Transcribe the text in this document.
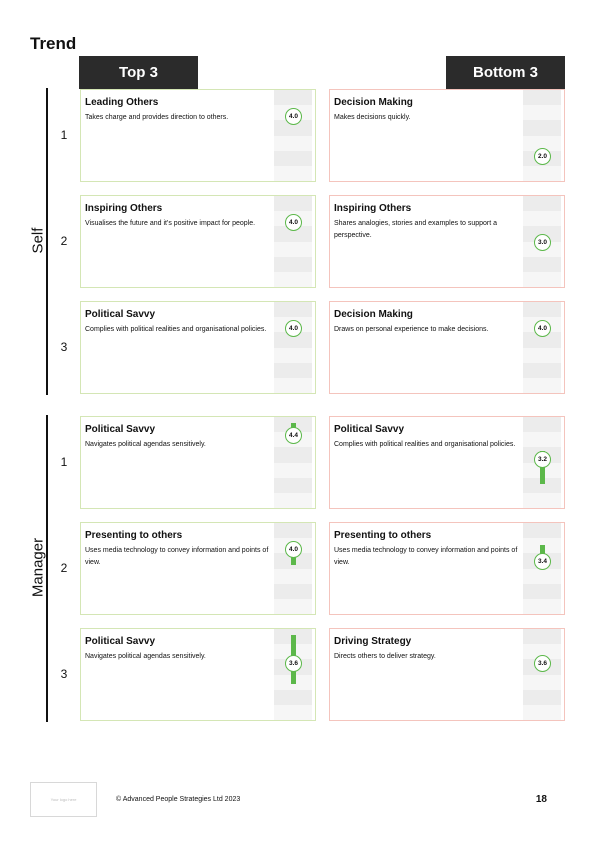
Trend
Top 3	Bottom 3
Self
1
Leading Others
Takes charge and provides direction to others.	4.0
Decision Making
Makes decisions quickly.
2.0
2
Inspiring Others
Visualises the future and it's positive impact for people.	4.0
Inspiring Others
Shares analogies, stories and examples to support a perspective.
3.0
3
Political Savvy
Complies with political realities and organisational policies.	4.0
Decision Making
Draws on personal experience to make decisions.	4.0
Manager
1
Political Savvy
Navigates political agendas sensitively.
4.4
Political Savvy
Complies with political realities and organisational policies.
3.2
2
Presenting to others
Uses media technology to convey information and points of view.
4.0
Presenting to others
Uses media technology to convey information and points of view.	3.4
3
Political Savvy
Navigates political agendas sensitively.
3.6
Driving Strategy
Directs others to deliver strategy.
3.6
Your logo here	© Advanced People Strategies Ltd 2023	18
